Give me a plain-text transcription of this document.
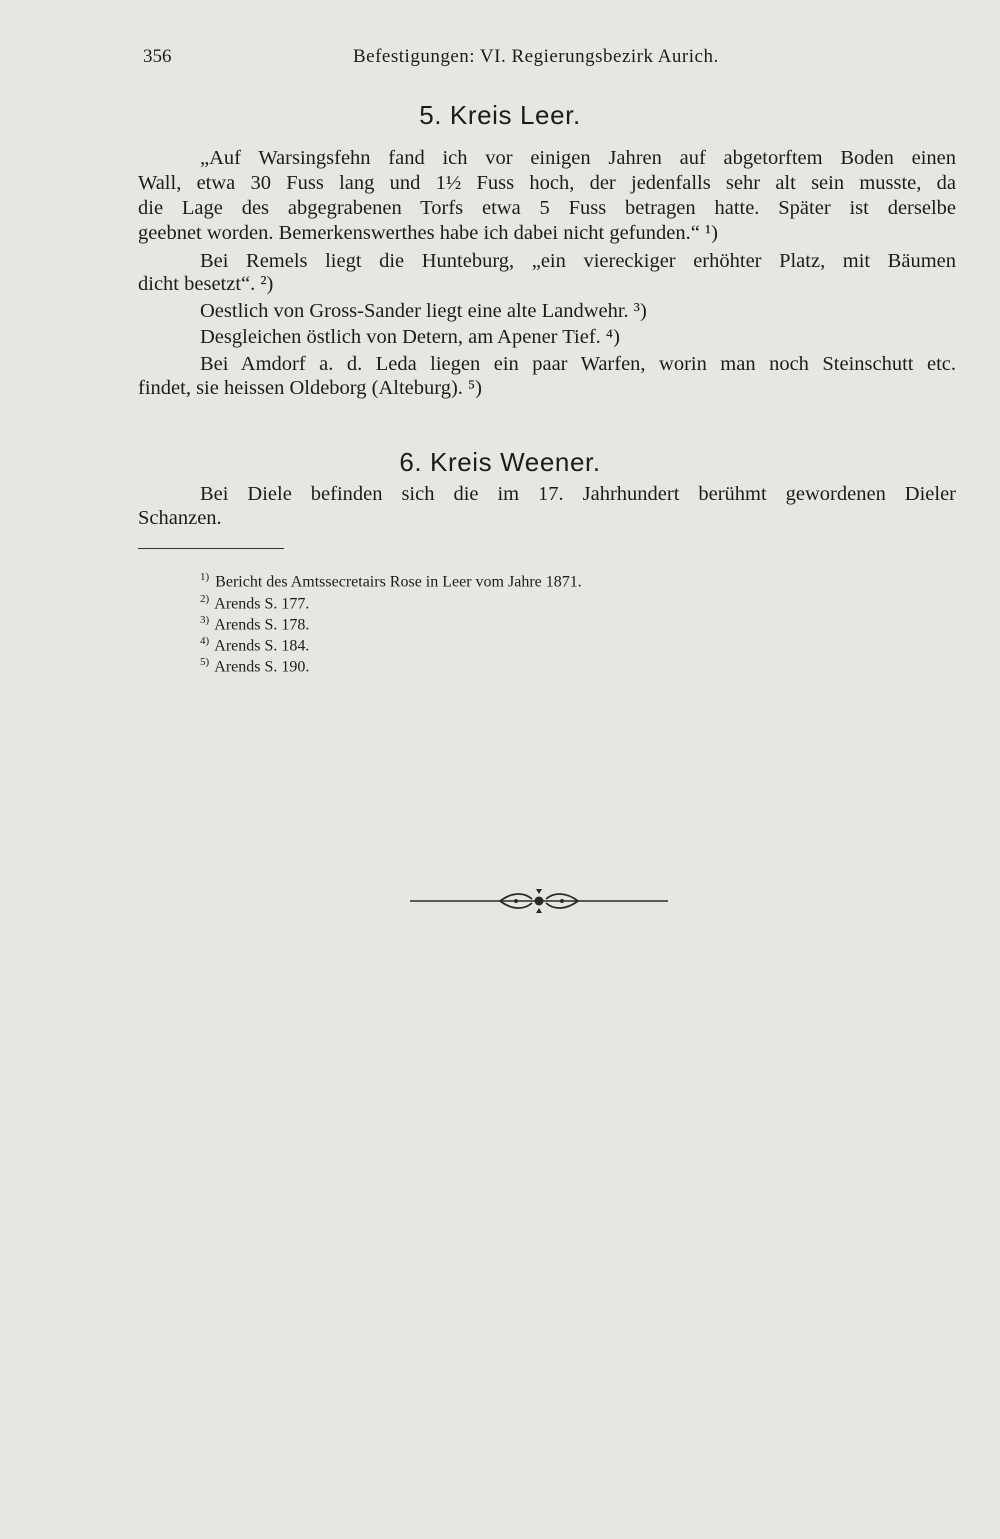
356	Befestigungen: VI. Regierungsbezirk Aurich.
5. Kreis Leer.
„Auf Warsingsfehn fand ich vor einigen Jahren auf abgetorftem Boden einen
Wall, etwa 30 Fuss lang und 1½ Fuss hoch, der jedenfalls sehr alt sein musste, da
die Lage des abgegrabenen Torfs etwa 5 Fuss betragen hatte. Später ist derselbe
geebnet worden. Bemerkenswerthes habe ich dabei nicht gefunden.“ ¹)
Bei Remels liegt die Hunteburg, „ein viereckiger erhöhter Platz, mit Bäumen
dicht besetzt“. ²)
Oestlich von Gross-Sander liegt eine alte Landwehr. ³)
Desgleichen östlich von Detern, am Apener Tief. ⁴)
Bei Amdorf a. d. Leda liegen ein paar Warfen, worin man noch Steinschutt etc.
findet, sie heissen Oldeborg (Alteburg). ⁵)
6. Kreis Weener.
Bei Diele befinden sich die im 17. Jahrhundert berühmt gewordenen Dieler
Schanzen.
$^{1)}$ Bericht des Amtssecretairs Rose in Leer vom Jahre 1871.
$^{2)}$ Arends S. 177.
$^{3)}$ Arends S. 178.
$^{4)}$ Arends S. 184.
$^{5)}$ Arends S. 190.
